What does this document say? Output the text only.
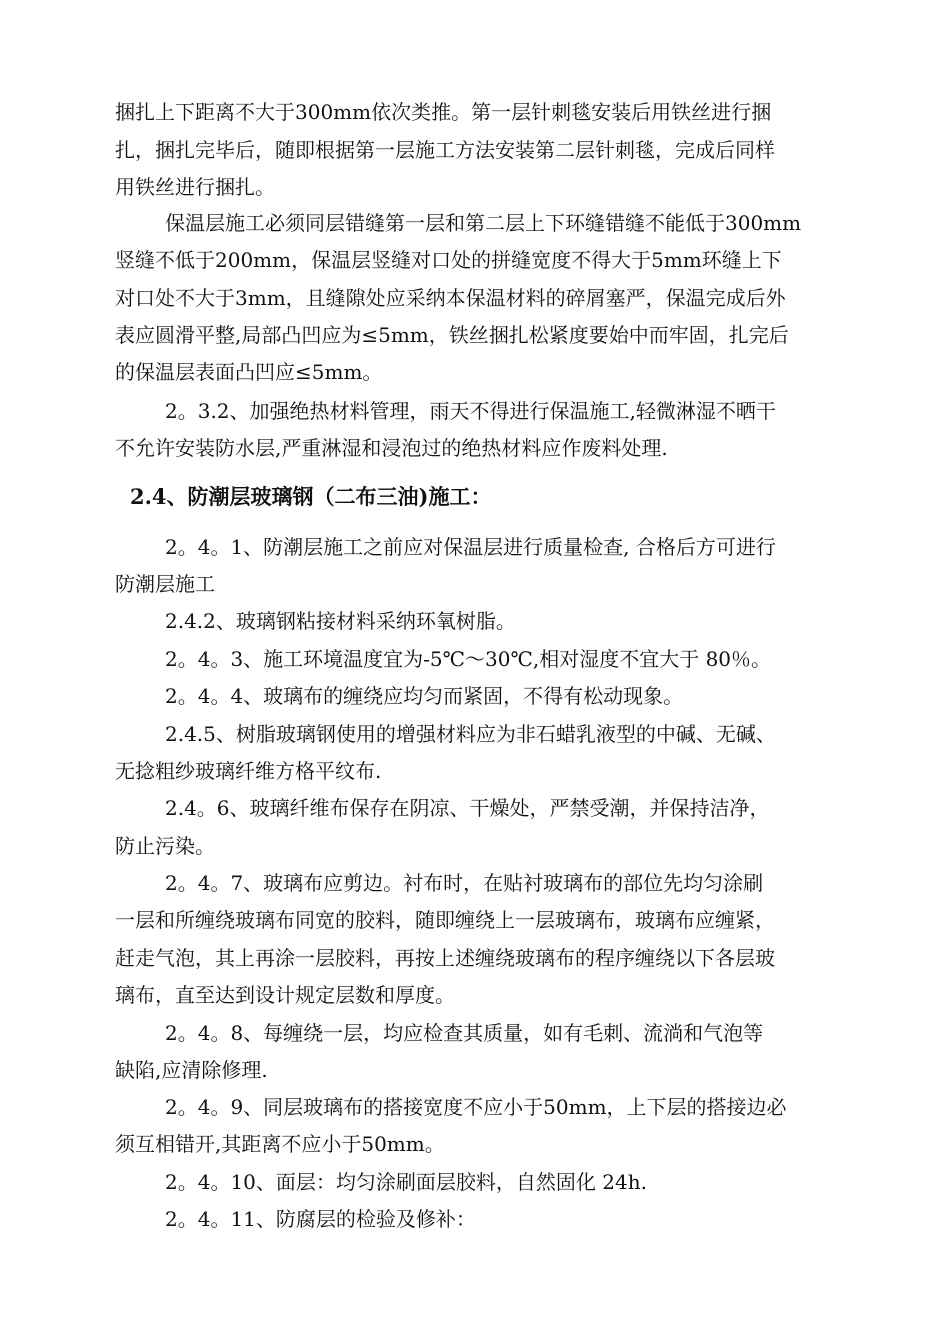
捆扎上下距离不大于300mm依次类推。第一层针刺毯安装后用铁丝进行捆
扎，捆扎完毕后，随即根据第一层施工方法安装第二层针刺毯，完成后同样
用铁丝进行捆扎。
保温层施工必须同层错缝第一层和第二层上下环缝错缝不能低于300mm
竖缝不低于200mm，保温层竖缝对口处的拼缝宽度不得大于5mm环缝上下
对口处不大于3mm，且缝隙处应采纳本保温材料的碎屑塞严，保温完成后外
表应圆滑平整,局部凸凹应为≤5mm，铁丝捆扎松紧度要始中而牢固，扎完后
的保温层表面凸凹应≤5mm。
2。3.2、加强绝热材料管理，雨天不得进行保温施工,轻微淋湿不晒干
不允许安装防水层,严重淋湿和浸泡过的绝热材料应作废料处理.
2.4、防潮层玻璃钢（二布三油)施工：
2。4。1、防潮层施工之前应对保温层进行质量检查, 合格后方可进行
防潮层施工
2.4.2、玻璃钢粘接材料采纳环氧树脂。
2。4。3、施工环境温度宜为-5℃～30℃,相对湿度不宜大于 80％。
2。4。4、玻璃布的缠绕应均匀而紧固，不得有松动现象。
2.4.5、树脂玻璃钢使用的增强材料应为非石蜡乳液型的中碱、无碱、
无捻粗纱玻璃纤维方格平纹布.
2.4。6、玻璃纤维布保存在阴凉、干燥处，严禁受潮，并保持洁净，
防止污染。
2。4。7、玻璃布应剪边。衬布时，在贴衬玻璃布的部位先均匀涂刷
一层和所缠绕玻璃布同宽的胶料，随即缠绕上一层玻璃布，玻璃布应缠紧，
赶走气泡，其上再涂一层胶料，再按上述缠绕玻璃布的程序缠绕以下各层玻
璃布，直至达到设计规定层数和厚度。
2。4。8、每缠绕一层，均应检查其质量，如有毛刺、流淌和气泡等
缺陷,应清除修理.
2。4。9、同层玻璃布的搭接宽度不应小于50mm，上下层的搭接边必
须互相错开,其距离不应小于50mm。
2。4。10、面层：均匀涂刷面层胶料，自然固化 24h.
2。4。11、防腐层的检验及修补：
